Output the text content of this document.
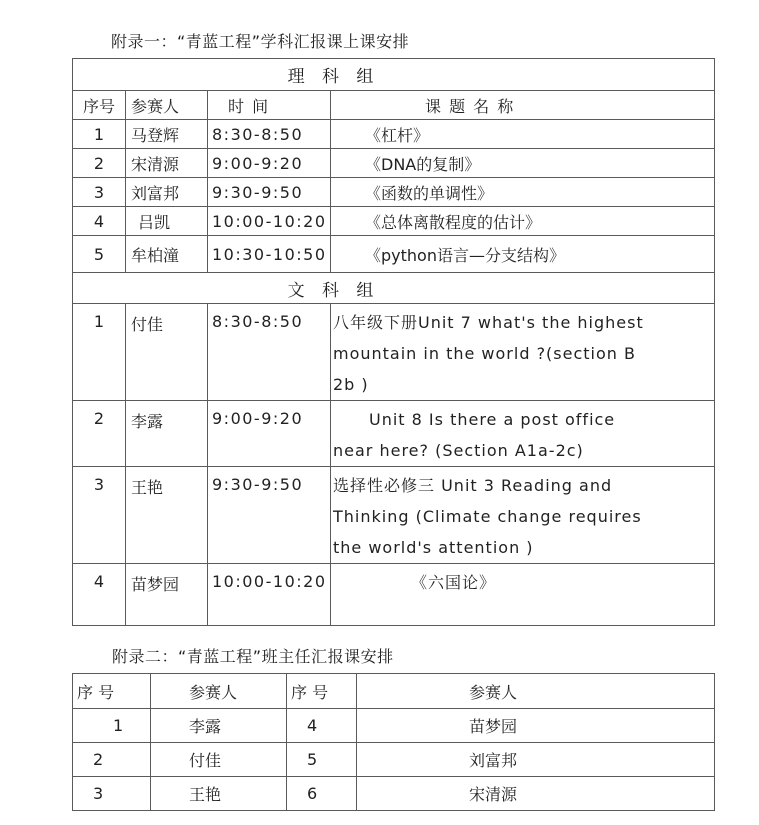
附录一：“青蓝工程”学科汇报课上课安排
理 科 组			
序号	参赛人	时 间	课 题 名 称
1	马登辉	8:30-8:50	《杠杆》
2	宋清源	9:00-9:20	《DNA的复制》
3	刘富邦	9:30-9:50	《函数的单调性》
4	吕凯	10:00-10:20	《总体离散程度的估计》
5	牟柏潼	10:30-10:50	《python语言—分支结构》
文 科 组			
1	付佳	8:30-8:50	八年级下册Unit 7 what's the highest
mountain in the world ?(section B
2b )

2	李露	9:00-9:20	Unit 8 Is there a post office
near here? (Section A1a-2c)

3	王艳	9:30-9:50	选择性必修三 Unit 3 Reading and
Thinking (Climate change requires
the world's attention )

4	苗梦园	10:00-10:20	《六国论》
附录二：“青蓝工程”班主任汇报课安排
序 号	参赛人	序 号	参赛人
1	李露	4	苗梦园
2	付佳	5	刘富邦
3	王艳	6	宋清源
